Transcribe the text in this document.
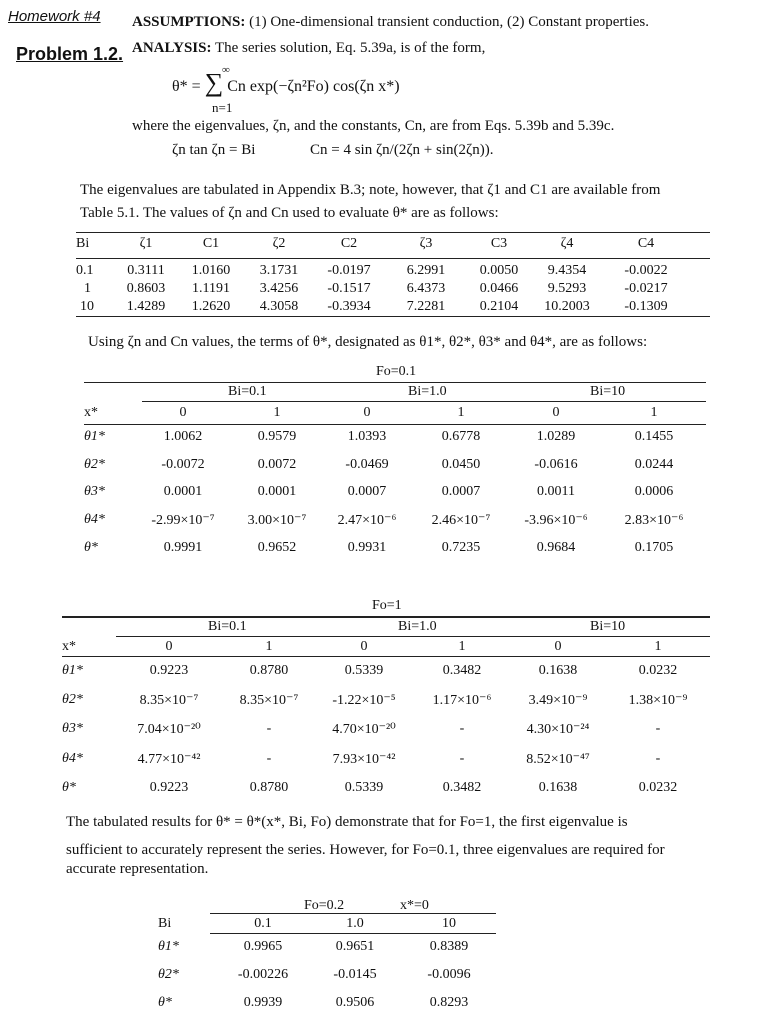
Homework #4
Problem 1.2.
ASSUMPTIONS: (1) One-dimensional transient conduction, (2) Constant properties.
ANALYSIS: The series solution, Eq. 5.39a, is of the form,
θ* = ∑ Cn exp(−ζn²Fo) cos(ζn x*)
∞
n=1
where the eigenvalues, ζn, and the constants, Cn, are from Eqs. 5.39b and 5.39c.
ζn tan ζn = Bi	Cn = 4 sin ζn/(2ζn + sin(2ζn)).
The eigenvalues are tabulated in Appendix B.3; note, however, that ζ1 and C1 are available from
Table 5.1. The values of ζn and Cn used to evaluate θ* are as follows:
Bi	ζ1	C1	ζ2	C2	ζ3	C3	ζ4	C4

0.1	0.3111	1.0160	3.1731	-0.0197	6.2991	0.0050	9.4354	-0.0022
1	0.8603	1.1191	3.4256	-0.1517	6.4373	0.0466	9.5293	-0.0217
10	1.4289	1.2620	4.3058	-0.3934	7.2281	0.2104	10.2003	-0.1309
Using ζn and Cn values, the terms of θ*, designated as θ1*, θ2*, θ3* and θ4*, are as follows:
Fo=0.1
Bi=0.1	Bi=1.0	Bi=10
x*	0	1	0	1	0	1
θ1*	1.0062	0.9579	1.0393	0.6778	1.0289	0.1455
θ2*	-0.0072	0.0072	-0.0469	0.0450	-0.0616	0.0244
θ3*	0.0001	0.0001	0.0007	0.0007	0.0011	0.0006
θ4*	-2.99×10⁻⁷	3.00×10⁻⁷	2.47×10⁻⁶	2.46×10⁻⁷	-3.96×10⁻⁶	2.83×10⁻⁶
θ*	0.9991	0.9652	0.9931	0.7235	0.9684	0.1705
Fo=1
Bi=0.1	Bi=1.0	Bi=10
x*	0	1	0	1	0	1
θ1*	0.9223	0.8780	0.5339	0.3482	0.1638	0.0232
θ2*	8.35×10⁻⁷	8.35×10⁻⁷	-1.22×10⁻⁵	1.17×10⁻⁶	3.49×10⁻⁹	1.38×10⁻⁹
θ3*	7.04×10⁻²⁰	-	4.70×10⁻²⁰	-	4.30×10⁻²⁴	-
θ4*	4.77×10⁻⁴²	-	7.93×10⁻⁴²	-	8.52×10⁻⁴⁷	-
θ*	0.9223	0.8780	0.5339	0.3482	0.1638	0.0232
The tabulated results for θ* = θ*(x*, Bi, Fo) demonstrate that for Fo=1, the first eigenvalue is
sufficient to accurately represent the series. However, for Fo=0.1, three eigenvalues are required for
accurate representation.
Fo=0.2	x*=0
Bi	0.1	1.0	10
θ1*	0.9965	0.9651	0.8389
θ2*	-0.00226	-0.0145	-0.0096
θ*	0.9939	0.9506	0.8293
